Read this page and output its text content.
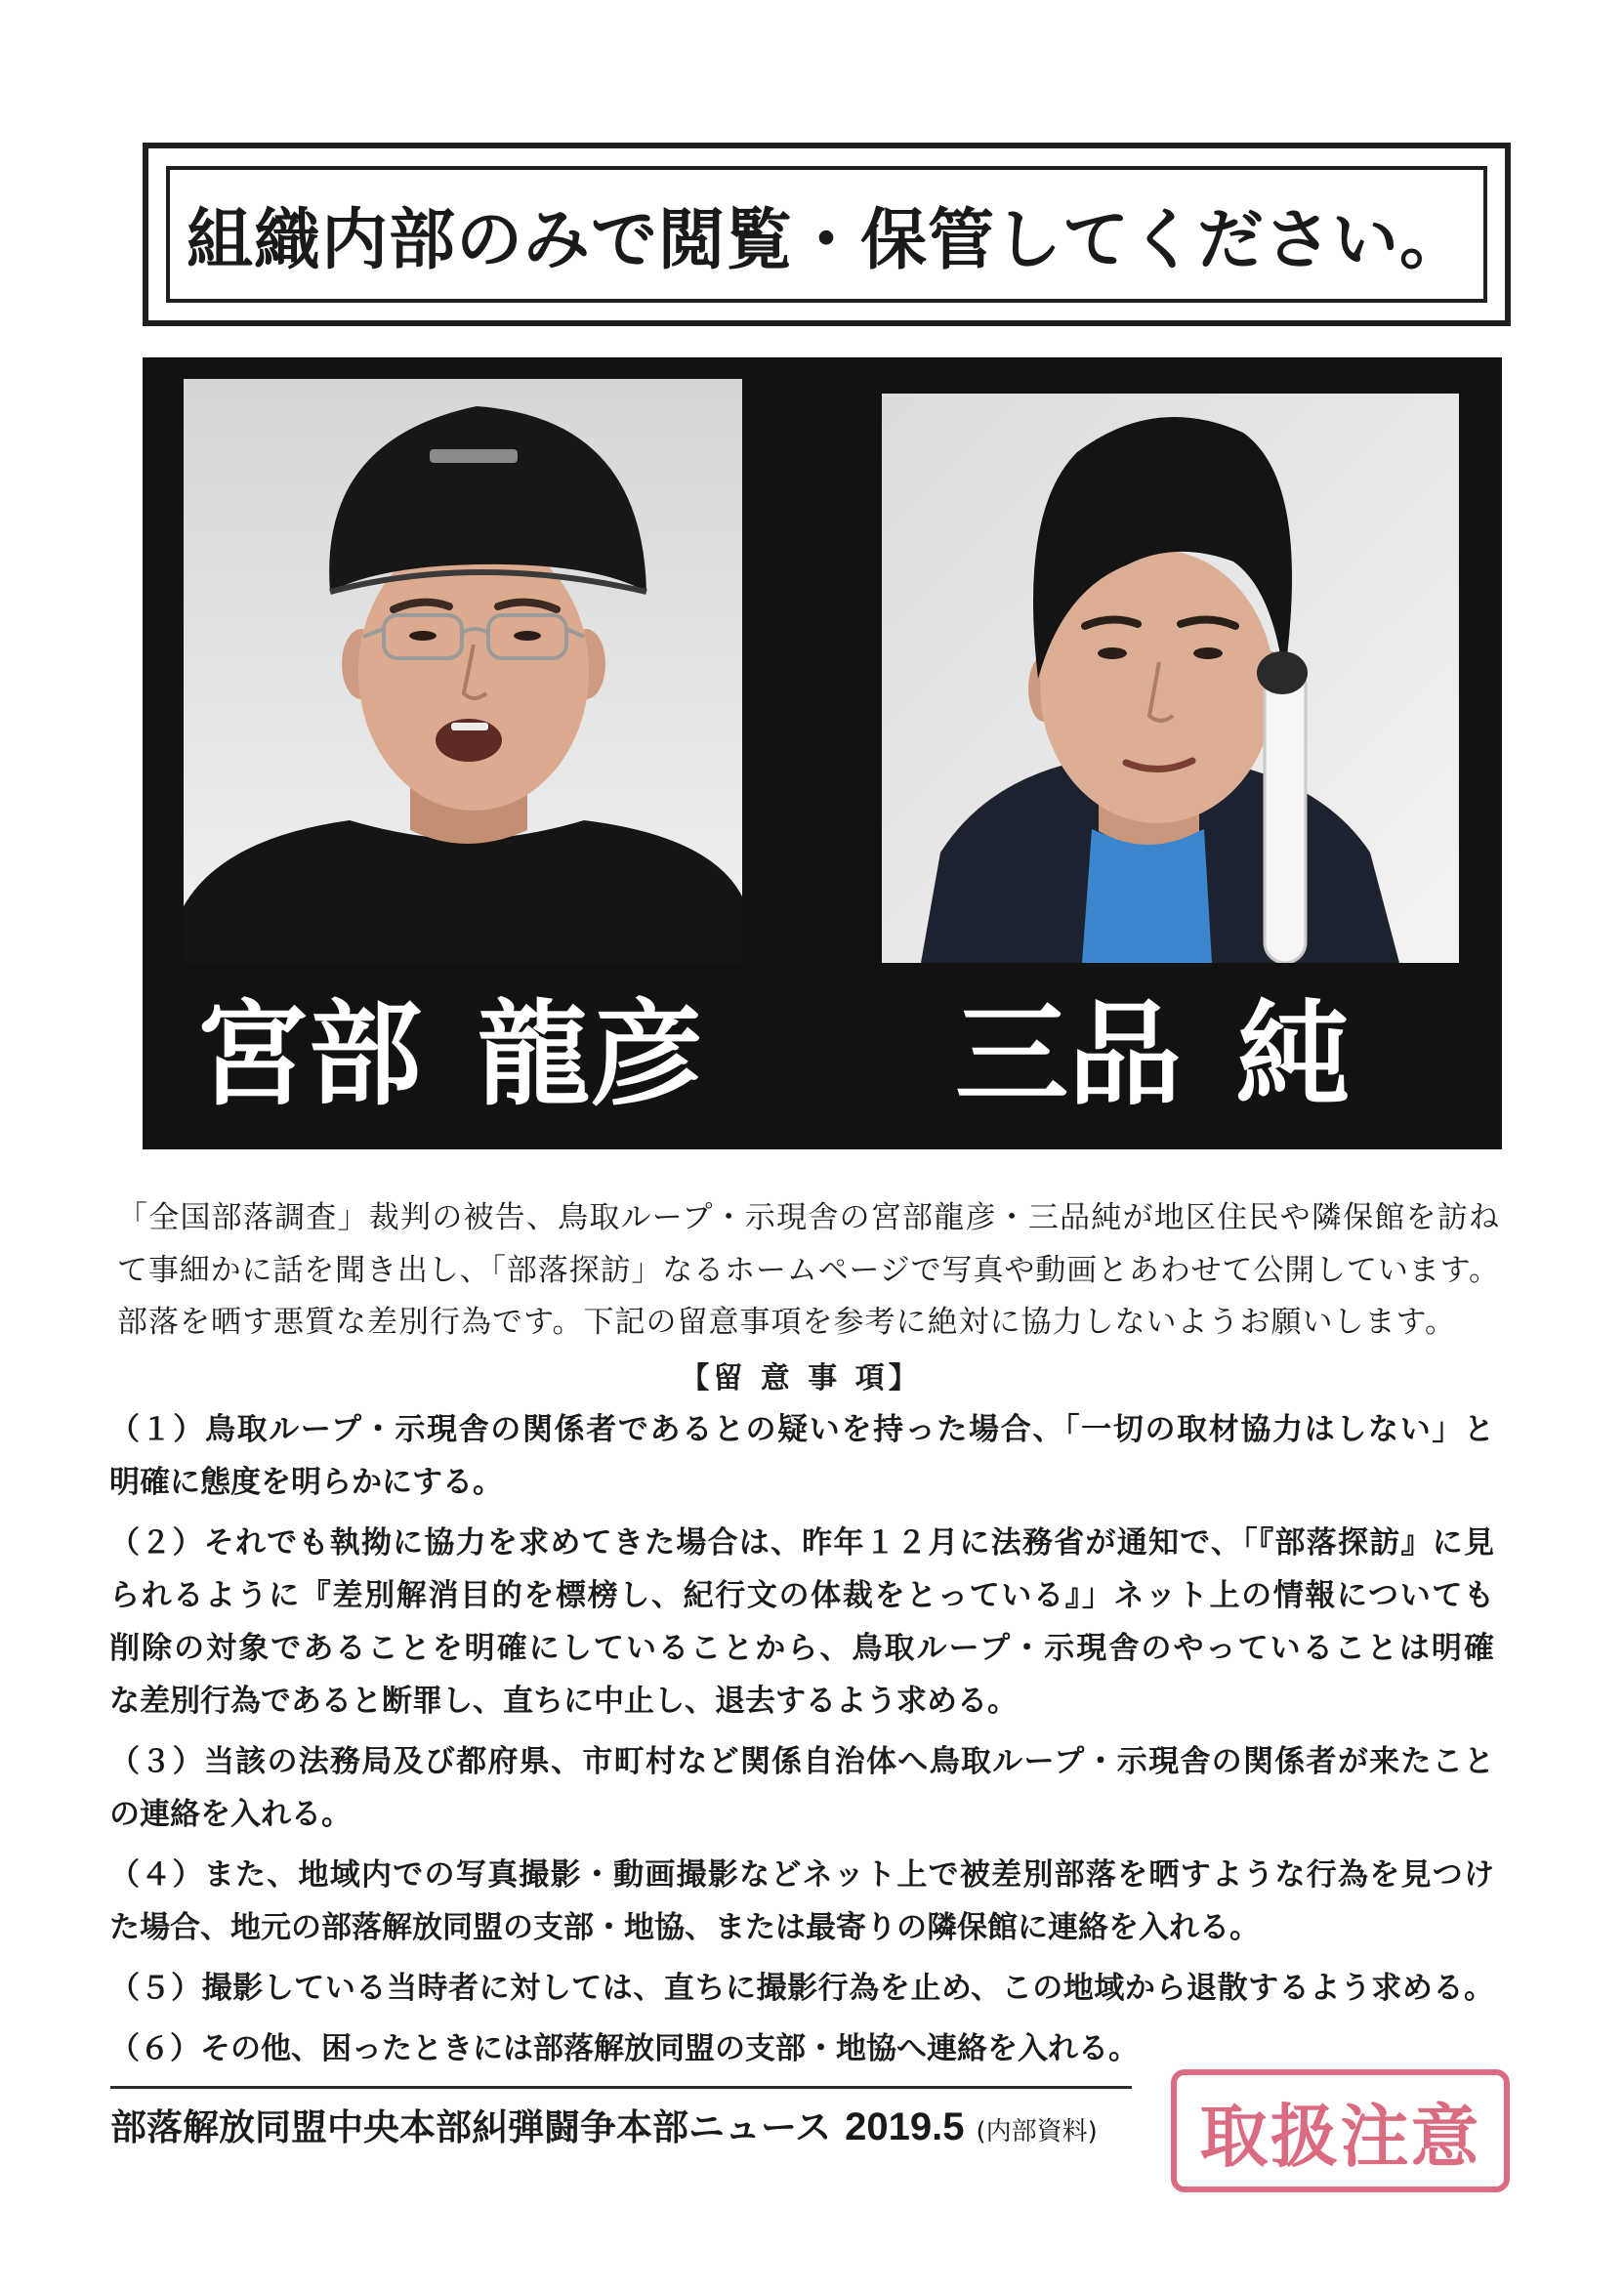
組織内部のみで閲覧・保管してください。
宮部 龍彦 三品 純
「全国部落調査」裁判の被告、鳥取ループ・示現舎の宮部龍彦・三品純が地区住民や隣保館を訪ね
て事細かに話を聞き出し、「部落探訪」なるホームページで写真や動画とあわせて公開しています。
部落を晒す悪質な差別行為です。下記の留意事項を参考に絶対に協力しないようお願いします。
【留 意 事 項】
（１）鳥取ループ・示現舎の関係者であるとの疑いを持った場合、「一切の取材協力はしない」と
明確に態度を明らかにする。
（２）それでも執拗に協力を求めてきた場合は、昨年１２月に法務省が通知で、「『部落探訪』に見
られるように『差別解消目的を標榜し、紀行文の体裁をとっている』」ネット上の情報についても
削除の対象であることを明確にしていることから、鳥取ループ・示現舎のやっていることは明確
な差別行為であると断罪し、直ちに中止し、退去するよう求める。
（３）当該の法務局及び都府県、市町村など関係自治体へ鳥取ループ・示現舎の関係者が来たこと
の連絡を入れる。
（４）また、地域内での写真撮影・動画撮影などネット上で被差別部落を晒すような行為を見つけ
た場合、地元の部落解放同盟の支部・地協、または最寄りの隣保館に連絡を入れる。
（５）撮影している当時者に対しては、直ちに撮影行為を止め、この地域から退散するよう求める。
（６）その他、困ったときには部落解放同盟の支部・地協へ連絡を入れる。
部落解放同盟中央本部糾弾闘争本部ニュース 2019.5 (内部資料) 取扱注意
